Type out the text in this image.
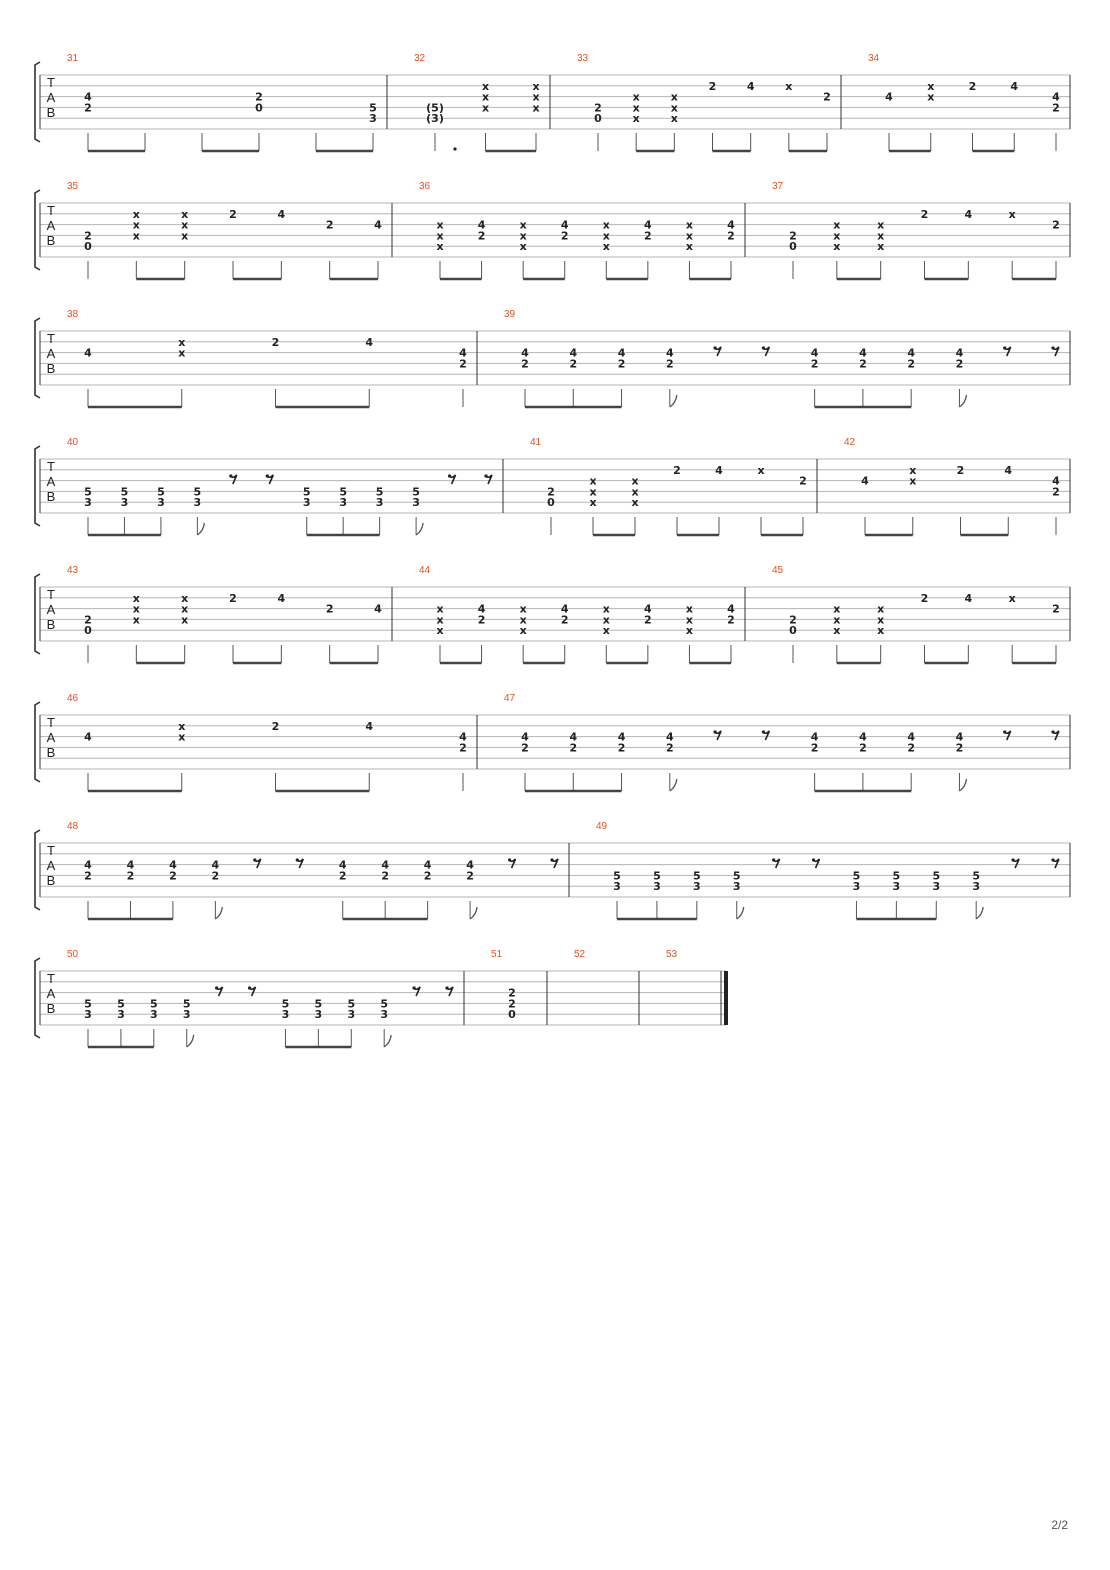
T
A
B
31
4
2
2
0	5
3
32
(5)
(3)
x
x
x
x
x
x
33
2
0
x
x
x
x
x
x
2	4	x
2
34
4
x
x
2	4
4
2
T
A
B
35
2
0
x
x
x
x
x
x
2	4
2	4
36
x
x
x
4
2
x
x
x
4
2
x
x
x
4
2
x
x
x
4
2
37
2
0
x
x
x
x
x
x
2	4	x
2
T
A
B
38
4
x
x
2	4
4
2
39
4
2
4
2
4
2
4
2
4
2
4
2
4
2
4
2
T
A
B
40
5
3
5
3
5
3
5
3
5
3
5
3
5
3
5
3
41
2
0
x
x
x
x
x
x
2	4	x
2
42
4
x
x
2	4
4
2
T
A
B
43
2
0
x
x
x
x
x
x
2	4
2	4
44
x
x
x
4
2
x
x
x
4
2
x
x
x
4
2
x
x
x
4
2
45
2
0
x
x
x
x
x
x
2	4	x
2
T
A
B
46
4
x
x
2	4
4
2
47
4
2
4
2
4
2
4
2
4
2
4
2
4
2
4
2
T
A
B
48
4
2
4
2
4
2
4
2
4
2
4
2
4
2
4
2
49
5
3
5
3
5
3
5
3
5
3
5
3
5
3
5
3
T
A
B
50
5
3
5
3
5
3
5
3
5
3
5
3
5
3
5
3
51
2
2
0
52	53
2/2
